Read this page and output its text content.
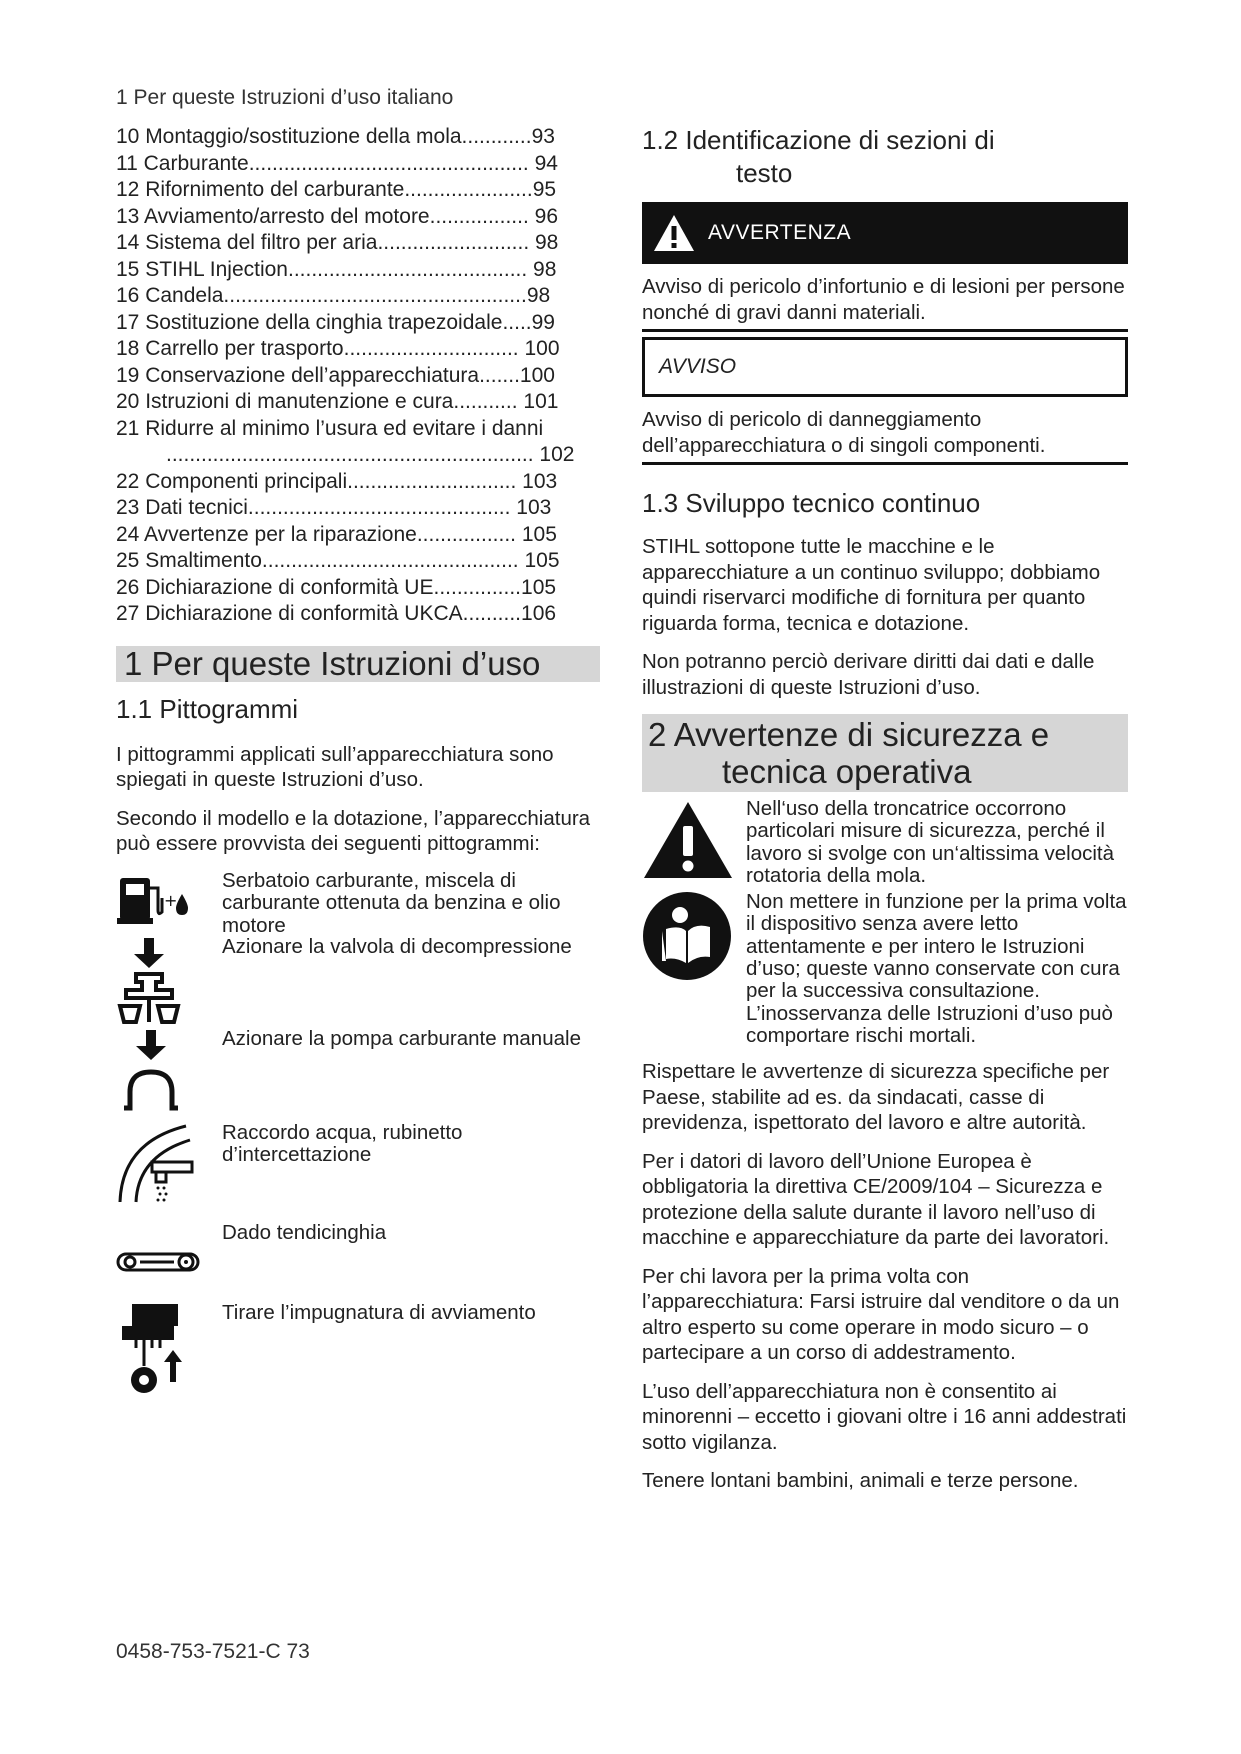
1 Per queste Istruzioni d’uso italiano
10 Montaggio/sostituzione della mola............93
11 Carburante................................................ 94
12 Rifornimento del carburante......................95
13 Avviamento/arresto del motore................. 96
14 Sistema del filtro per aria.......................... 98
15 STIHL Injection......................................... 98
16 Candela....................................................98
17 Sostituzione della cinghia trapezoidale.....99
18 Carrello per trasporto.............................. 100
19 Conservazione dell’apparecchiatura.......100
20 Istruzioni di manutenzione e cura........... 101
21 Ridurre al minimo l’usura ed evitare i danni
............................................................... 102
22 Componenti principali............................. 103
23 Dati tecnici............................................. 103
24 Avvertenze per la riparazione................. 105
25 Smaltimento............................................ 105
26 Dichiarazione di conformità UE...............105
27 Dichiarazione di conformità UKCA..........106
1 Per queste Istruzioni d’uso
1.1 Pittogrammi

I pittogrammi applicati sull’apparecchiatura sono spiegati in queste Istruzioni d’uso.

Secondo il modello e la dotazione, l’apparecchiatura può essere provvista dei seguenti pittogrammi:

+
Serbatoio carburante, miscela di carburante ottenuta da benzina e olio motore
Azionare la valvola di decompressione
Azionare la pompa carburante manuale
Raccordo acqua, rubinetto d’intercettazione
Dado tendicinghia
Tirare l’impugnatura di avviamento
1.2 Identificazione di sezioni di
testo
AVVERTENZA

Avviso di pericolo d’infortunio e di lesioni per persone nonché di gravi danni materiali.

AVVISO

Avviso di pericolo di danneggiamento dell’apparecchiatura o di singoli componenti.

1.3 Sviluppo tecnico continuo

STIHL sottopone tutte le macchine e le apparecchiature a un continuo sviluppo; dobbiamo quindi riservarci modifiche di fornitura per quanto riguarda forma, tecnica e dotazione.

Non potranno perciò derivare diritti dai dati e dalle illustrazioni di queste Istruzioni d’uso.

2 Avvertenze di sicurezza e
tecnica operativa
Nell‘uso della troncatrice occorrono particolari misure di sicurezza, perché il lavoro si svolge con un‘altissima velocità rotatoria della mola.
Non mettere in funzione per la prima volta il dispositivo senza avere letto attentamente e per intero le Istruzioni d’uso; queste vanno conservate con cura per la successiva consultazione. L’inosservanza delle Istruzioni d’uso può comportare rischi mortali.

Rispettare le avvertenze di sicurezza specifiche per Paese, stabilite ad es. da sindacati, casse di previdenza, ispettorato del lavoro e altre autorità.

Per i datori di lavoro dell’Unione Europea è obbligatoria la direttiva CE/2009/104 – Sicurezza e protezione della salute durante il lavoro nell’uso di macchine e apparecchiature da parte dei lavoratori.

Per chi lavora per la prima volta con l’apparecchiatura: Farsi istruire dal venditore o da un altro esperto su come operare in modo sicuro – o partecipare a un corso di addestramento.

L’uso dell’apparecchiatura non è consentito ai minorenni – eccetto i giovani oltre i 16 anni addestrati sotto vigilanza.

Tenere lontani bambini, animali e terze persone.

0458-753-7521-C 73
